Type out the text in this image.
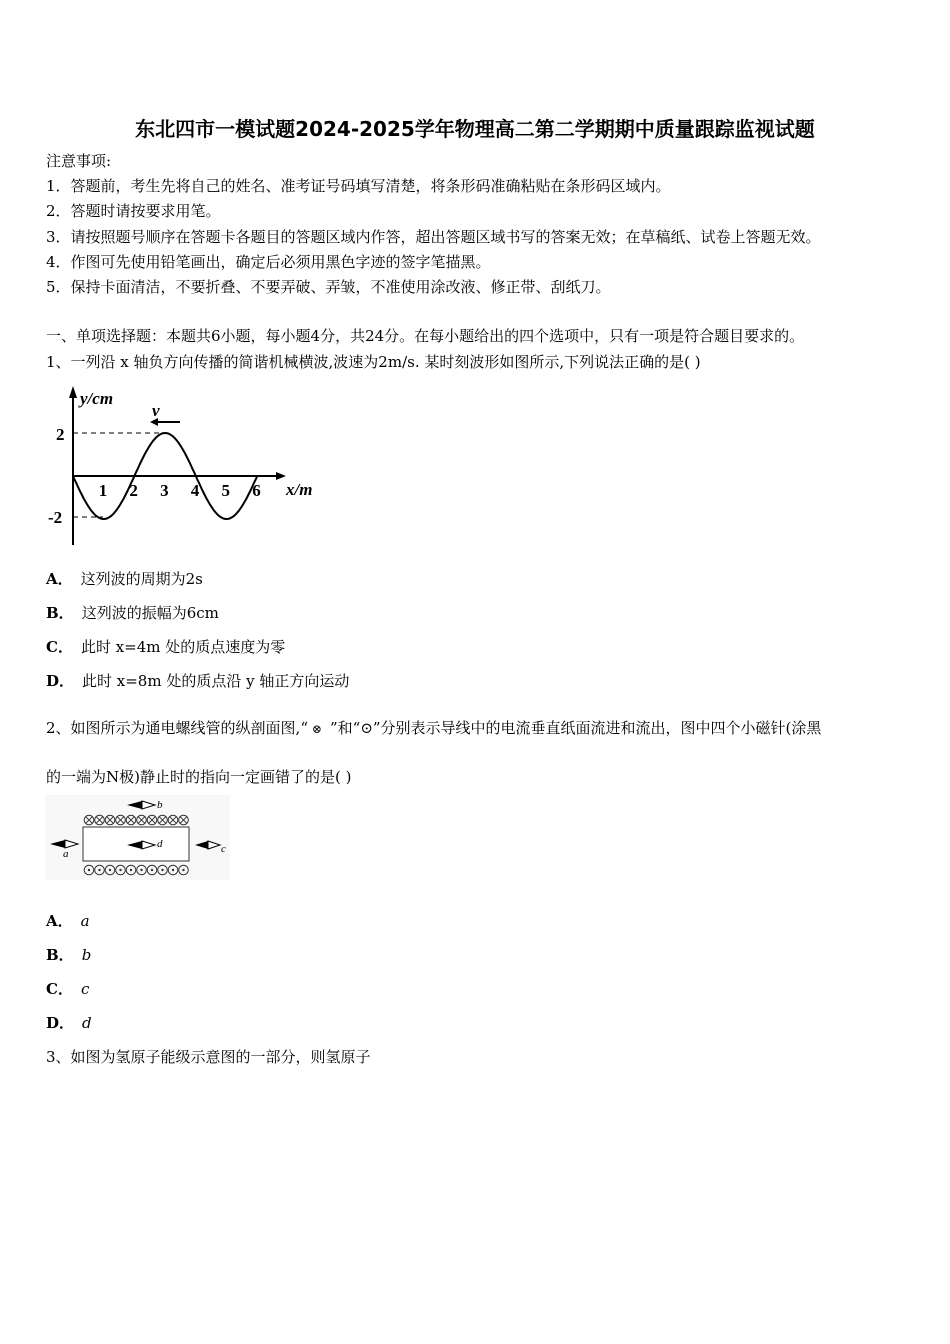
东北四市一模试题2024-2025学年物理高二第二学期期中质量跟踪监视试题
注意事项:
1．答题前，考生先将自己的姓名、准考证号码填写清楚，将条形码准确粘贴在条形码区域内。
2．答题时请按要求用笔。
3．请按照题号顺序在答题卡各题目的答题区域内作答，超出答题区域书写的答案无效；在草稿纸、试卷上答题无效。
4．作图可先使用铅笔画出，确定后必须用黑色字迹的签字笔描黑。
5．保持卡面清洁，不要折叠、不要弄破、弄皱，不准使用涂改液、修正带、刮纸刀。
一、单项选择题：本题共6小题，每小题4分，共24分。在每小题给出的四个选项中，只有一项是符合题目要求的。
1、一列沿 x 轴负方向传播的简谐机械横波,波速为2m/s. 某时刻波形如图所示,下列说法正确的是( )
v
y/cm
x/m
2
-2
1 2 3 4 5 6
A． 这列波的周期为2s
B． 这列波的振幅为6cm
C． 此时 x=4m 处的质点速度为零
D． 此时 x=8m 处的质点沿 y 轴正方向运动
2、如图所示为通电螺线管的纵剖面图,“ ⊗ ”和“⊙”分别表示导线中的电流垂直纸面流进和流出，图中四个小磁针(涂黑
的一端为N极)静止时的指向一定画错了的是( )
b
d
a	c
A． a
B． b
C． c
D． d
3、如图为氢原子能级示意图的一部分，则氢原子
